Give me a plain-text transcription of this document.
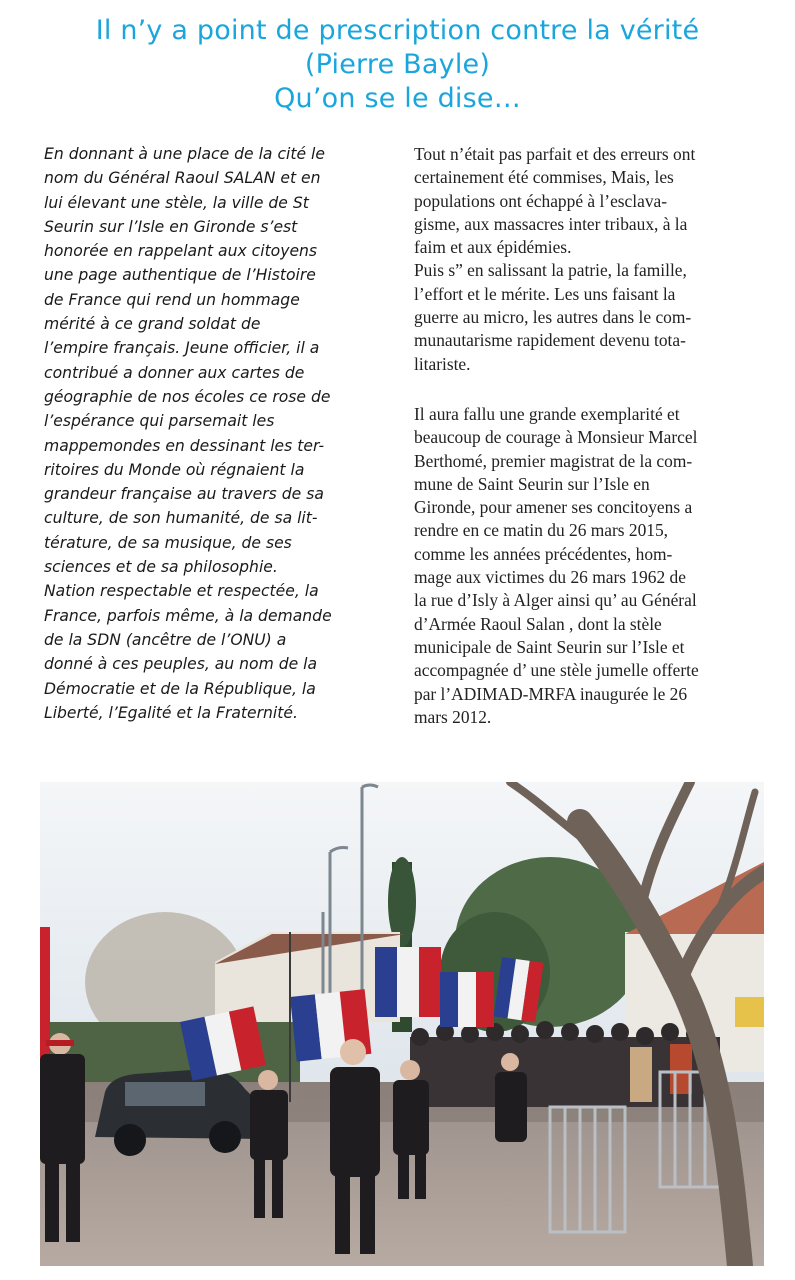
Il n’y a point de prescription contre la vérité
(Pierre Bayle)
Qu’on se le dise…
En donnant à une place de la cité le
nom du Général Raoul SALAN et en
lui élevant une stèle, la ville de St
Seurin sur l’Isle en Gironde s’est
honorée en rappelant aux citoyens
une page authentique de l’Histoire
de France qui rend un hommage
mérité à ce grand soldat de
l’empire français. Jeune officier, il a
contribué a donner aux cartes de
géographie de nos écoles ce rose de
l’espérance qui parsemait les
mappemondes en dessinant les ter-
ritoires du Monde où régnaient la
grandeur française au travers de sa
culture, de son humanité, de sa lit-
térature, de sa musique, de ses
sciences et de sa philosophie.
Nation respectable et respectée, la
France, parfois même, à la demande
de la SDN (ancêtre de l’ONU) a
donné à ces peuples, au nom de la
Démocratie et de la République, la
Liberté, l’Egalité et la Fraternité.
Tout n’était pas parfait et des erreurs ont
certainement été commises, Mais, les
populations ont échappé à l’esclava-
gisme, aux massacres inter tribaux, à la
faim et aux épidémies.
Puis s” en salissant la patrie, la famille,
l’effort et le mérite. Les uns faisant la
guerre au micro, les autres dans le com-
munautarisme rapidement devenu tota-
litariste.
Il aura fallu une grande exemplarité et
beaucoup de courage à Monsieur Marcel
Berthomé, premier magistrat de la com-
mune de Saint Seurin sur l’Isle en
Gironde, pour amener ses concitoyens a
rendre en ce matin du 26 mars 2015,
comme les années précédentes, hom-
mage aux victimes du 26 mars 1962 de
la rue d’Isly à Alger ainsi qu’ au Général
d’Armée Raoul Salan , dont la stèle
municipale de Saint Seurin sur l’Isle et
accompagnée d’ une stèle jumelle offerte
par l’ADIMAD-MRFA inaugurée le 26
mars 2012.
